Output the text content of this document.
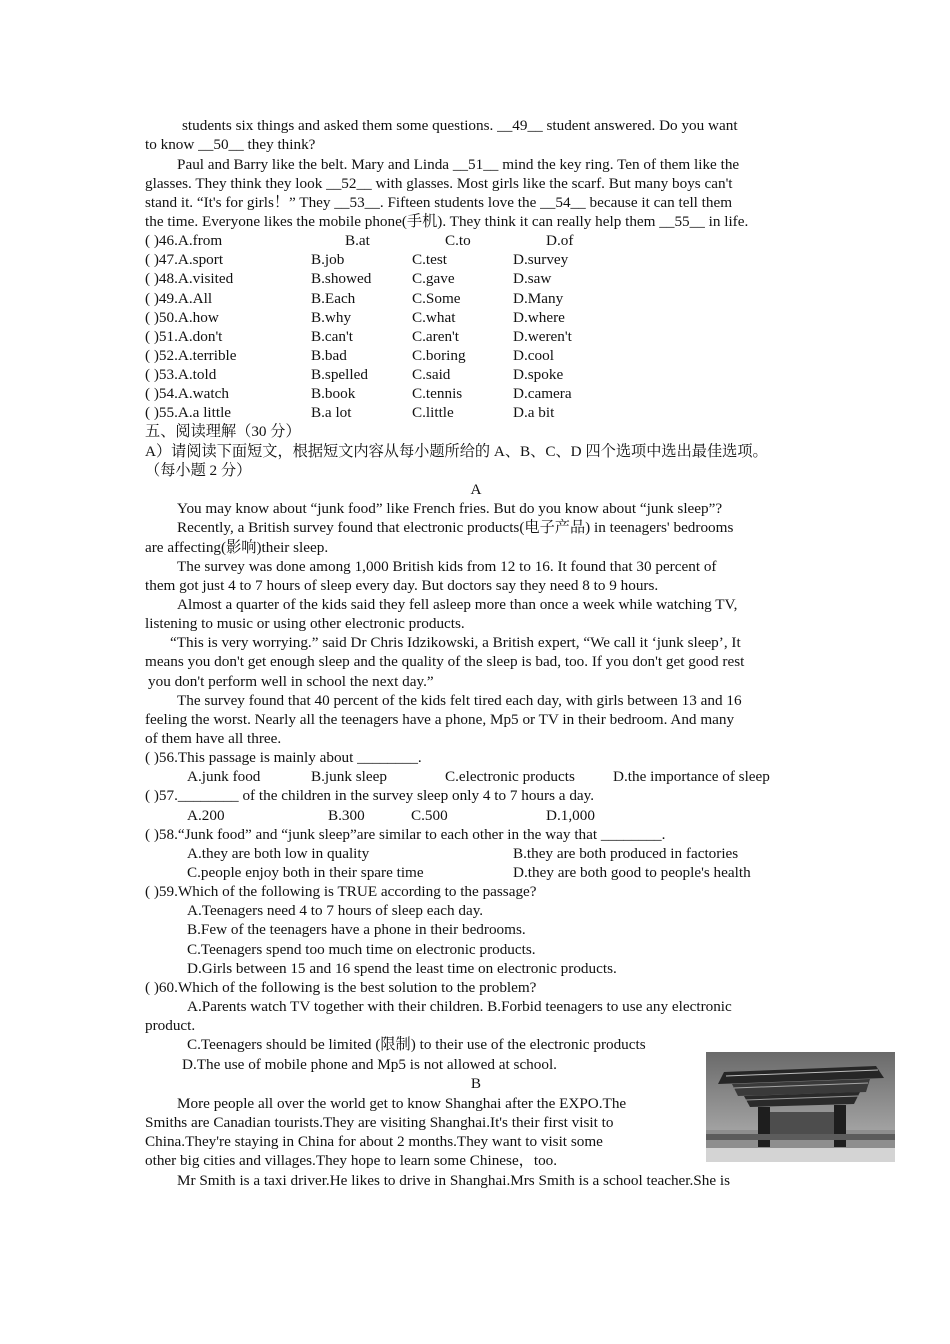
students six things and asked them some questions. __49__ student answered. Do you want
to know __50__ they think?
Paul and Barry like the belt. Mary and Linda __51__ mind the key ring. Ten of them like the
glasses. They think they look __52__ with glasses. Most girls like the scarf. But many boys can't
stand it. “It's for girls！” They __53__. Fifteen students love the __54__ because it can tell them
the time. Everyone likes the mobile phone(手机). They think it can really help them __55__ in life.
( )46.A.from	B.at	C.to	D.of
( )47.A.sport	B.job	C.test	D.survey
( )48.A.visited	B.showed	C.gave	D.saw
( )49.A.All	B.Each	C.Some	D.Many
( )50.A.how	B.why	C.what	D.where
( )51.A.don't	B.can't	C.aren't	D.weren't
( )52.A.terrible	B.bad	C.boring	D.cool
( )53.A.told	B.spelled	C.said	D.spoke
( )54.A.watch	B.book	C.tennis	D.camera
( )55.A.a little	B.a lot	C.little	D.a bit
五、阅读理解（30 分）
A）请阅读下面短文，根据短文内容从每小题所给的 A、B、C、D 四个选项中选出最佳选项。
（每小题 2 分）
A
You may know about “junk food” like French fries. But do you know about “junk sleep”?
Recently, a British survey found that electronic products(电子产品) in teenagers' bedrooms
are affecting(影响)their sleep.
The survey was done among 1,000 British kids from 12 to 16. It found that 30 percent of
them got just 4 to 7 hours of sleep every day. But doctors say they need 8 to 9 hours.
Almost a quarter of the kids said they fell asleep more than once a week while watching TV,
listening to music or using other electronic products.
“This is very worrying.” said Dr Chris Idzikowski, a British expert, “We call it ‘junk sleep’, It
means you don't get enough sleep and the quality of the sleep is bad, too. If you don't get good rest
you don't perform well in school the next day.”
The survey found that 40 percent of the kids felt tired each day, with girls between 13 and 16
feeling the worst. Nearly all the teenagers have a phone, Mp5 or TV in their bedroom. And many
of them have all three.
( )56.This passage is mainly about ________.
A.junk food	B.junk sleep	C.electronic products	D.the importance of sleep
( )57.________ of the children in the survey sleep only 4 to 7 hours a day.
A.200	B.300	C.500	D.1,000
( )58.“Junk food” and “junk sleep”are similar to each other in the way that ________.
A.they are both low in quality	B.they are both produced in factories
C.people enjoy both in their spare time	D.they are both good to people's health
( )59.Which of the following is TRUE according to the passage?
A.Teenagers need 4 to 7 hours of sleep each day.
B.Few of the teenagers have a phone in their bedrooms.
C.Teenagers spend too much time on electronic products.
D.Girls between 15 and 16 spend the least time on electronic products.
( )60.Which of the following is the best solution to the problem?
A.Parents watch TV together with their children. B.Forbid teenagers to use any electronic
product.
C.Teenagers should be limited (限制) to their use of the electronic products
D.The use of mobile phone and Mp5 is not allowed at school.
B
More people all over the world get to know Shanghai after the EXPO.The
Smiths are Canadian tourists.They are visiting Shanghai.It's their first visit to
China.They're staying in China for about 2 months.They want to visit some
other big cities and villages.They hope to learn some Chinese，too.
Mr Smith is a taxi driver.He likes to drive in Shanghai.Mrs Smith is a school teacher.She is
